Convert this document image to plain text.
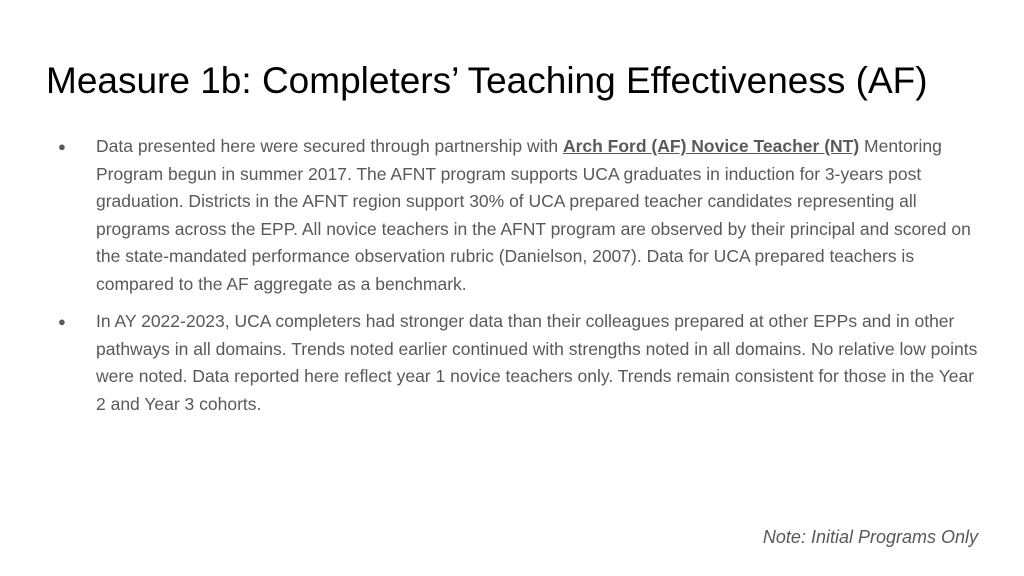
Measure 1b: Completers’ Teaching Effectiveness (AF)
● Data presented here were secured through partnership with Arch Ford (AF) Novice Teacher (NT) Mentoring Program begun in summer 2017. The AFNT program supports UCA graduates in induction for 3-years post graduation. Districts in the AFNT region support 30% of UCA prepared teacher candidates representing all programs across the EPP. All novice teachers in the AFNT program are observed by their principal and scored on the state-mandated performance observation rubric (Danielson, 2007). Data for UCA prepared teachers is compared to the AF aggregate as a benchmark.
● In AY 2022-2023, UCA completers had stronger data than their colleagues prepared at other EPPs and in other pathways in all domains. Trends noted earlier continued with strengths noted in all domains. No relative low points were noted. Data reported here reflect year 1 novice teachers only. Trends remain consistent for those in the Year 2 and Year 3 cohorts.
Note: Initial Programs Only
